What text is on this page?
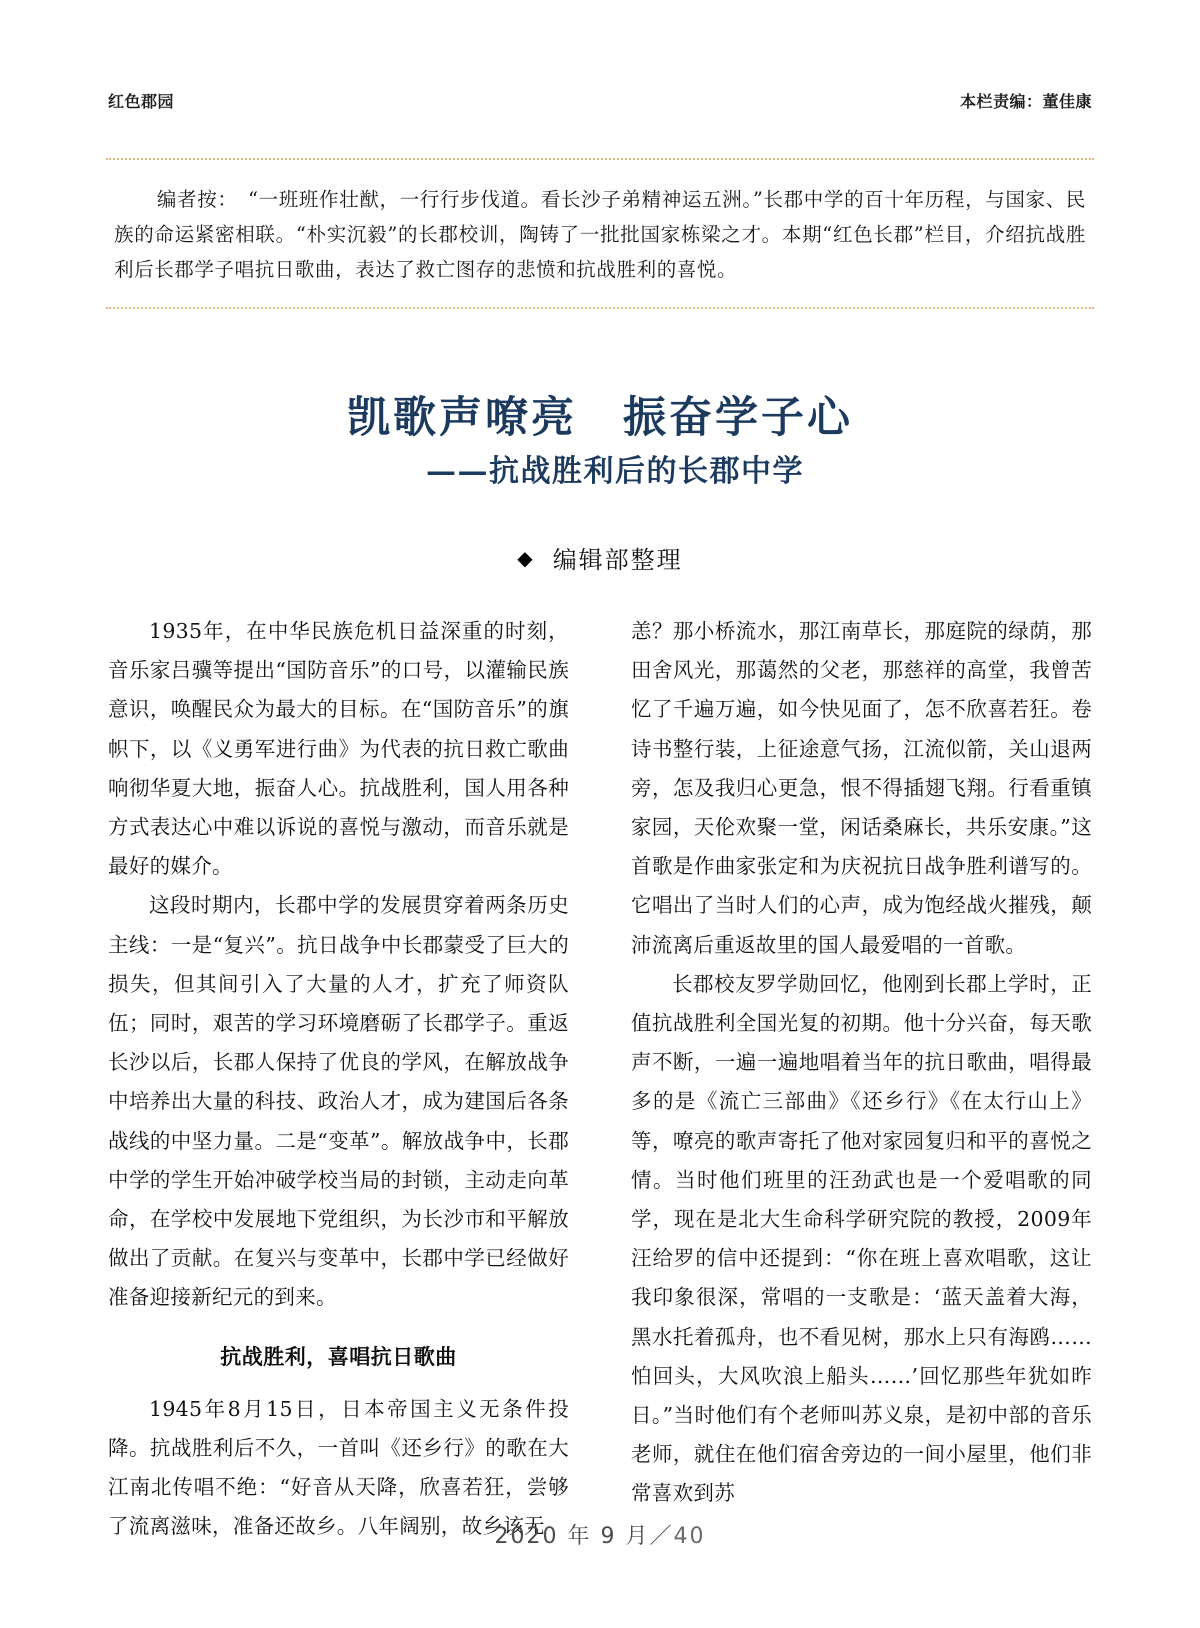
红色郡园	本栏责编：董佳康

编者按：　“一班班作壮猷，一行行步伐道。看长沙子弟精神运五洲。”长郡中学的百十年历程，与国家、民族的命运紧密相联。“朴实沉毅”的长郡校训，陶铸了一批批国家栋梁之才。本期“红色长郡”栏目，介绍抗战胜利后长郡学子唱抗日歌曲，表达了救亡图存的悲愤和抗战胜利的喜悦。

凯歌声嘹亮　振奋学子心
——抗战胜利后的长郡中学
◆ 编辑部整理

1935年，在中华民族危机日益深重的时刻，音乐家吕骥等提出“国防音乐”的口号，以灌输民族意识，唤醒民众为最大的目标。在“国防音乐”的旗帜下，以《义勇军进行曲》为代表的抗日救亡歌曲响彻华夏大地，振奋人心。抗战胜利，国人用各种方式表达心中难以诉说的喜悦与激动，而音乐就是最好的媒介。

这段时期内，长郡中学的发展贯穿着两条历史主线：一是“复兴”。抗日战争中长郡蒙受了巨大的损失，但其间引入了大量的人才，扩充了师资队伍；同时，艰苦的学习环境磨砺了长郡学子。重返长沙以后，长郡人保持了优良的学风，在解放战争中培养出大量的科技、政治人才，成为建国后各条战线的中坚力量。二是“变革”。解放战争中，长郡中学的学生开始冲破学校当局的封锁，主动走向革命，在学校中发展地下党组织，为长沙市和平解放做出了贡献。在复兴与变革中，长郡中学已经做好准备迎接新纪元的到来。

抗战胜利，喜唱抗日歌曲

1945年8月15日，日本帝国主义无条件投降。抗战胜利后不久，一首叫《还乡行》的歌在大江南北传唱不绝：“好音从天降，欣喜若狂，尝够了流离滋味，准备还故乡。八年阔别，故乡该无

恙？那小桥流水，那江南草长，那庭院的绿荫，那田舍风光，那蔼然的父老，那慈祥的高堂，我曾苦忆了千遍万遍，如今快见面了，怎不欣喜若狂。卷诗书整行装，上征途意气扬，江流似箭，关山退两旁，怎及我归心更急，恨不得插翅飞翔。行看重镇家园，天伦欢聚一堂，闲话桑麻长，共乐安康。”这首歌是作曲家张定和为庆祝抗日战争胜利谱写的。它唱出了当时人们的心声，成为饱经战火摧残，颠沛流离后重返故里的国人最爱唱的一首歌。

长郡校友罗学勋回忆，他刚到长郡上学时，正值抗战胜利全国光复的初期。他十分兴奋，每天歌声不断，一遍一遍地唱着当年的抗日歌曲，唱得最多的是《流亡三部曲》《还乡行》《在太行山上》等，嘹亮的歌声寄托了他对家园复归和平的喜悦之情。当时他们班里的汪劲武也是一个爱唱歌的同学，现在是北大生命科学研究院的教授，2009年汪给罗的信中还提到：“你在班上喜欢唱歌，这让我印象很深，常唱的一支歌是：‘蓝天盖着大海，黑水托着孤舟，也不看见树，那水上只有海鸥……怕回头，大风吹浪上船头……’回忆那些年犹如昨日。”当时他们有个老师叫苏义泉，是初中部的音乐老师，就住在他们宿舍旁边的一间小屋里，他们非常喜欢到苏

2020 年 9 月／40
